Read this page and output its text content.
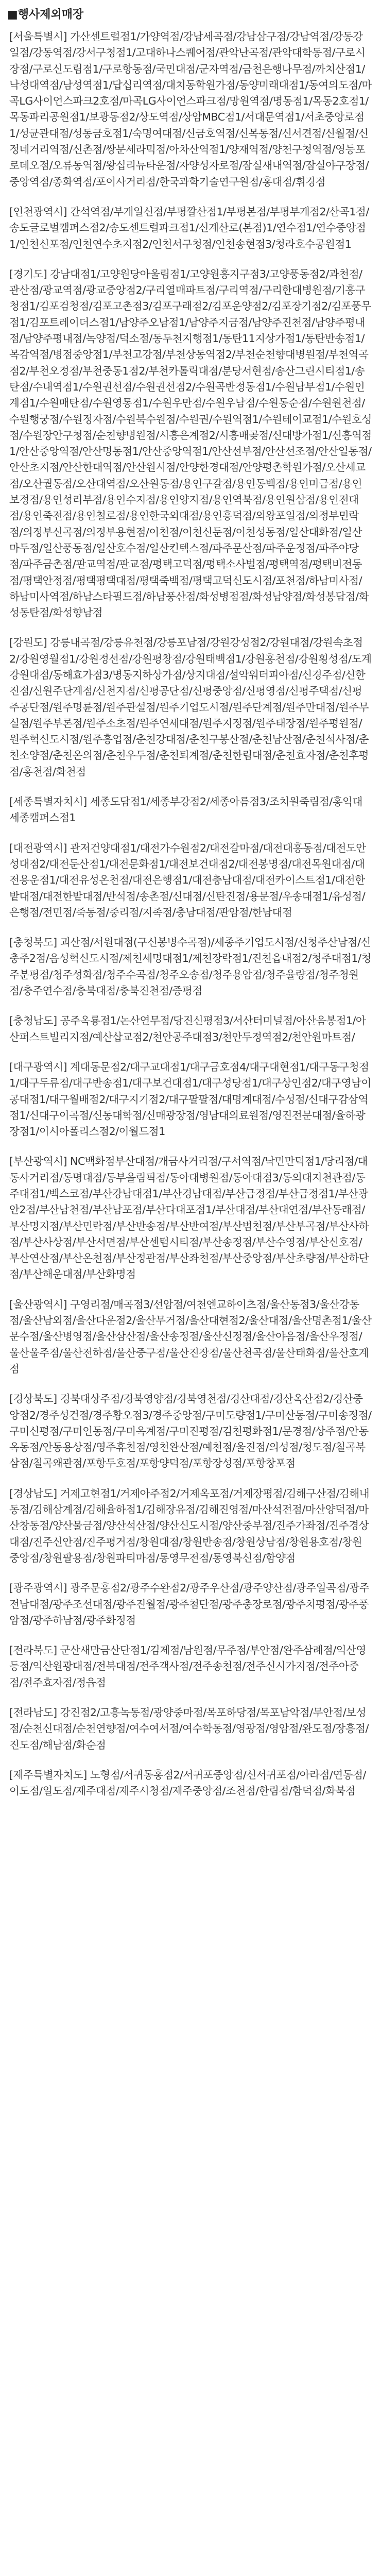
■행사제외매장
[서울특별시] 가산센트럴점1/가양역점/강남세곡점/강남삼구점/강남역점/강동강일점/강동역점/강서구청점1/고대하나스퀘어점/관악난곡점/관악대학동점/구로시장점/구로신도림점1/구로항동점/국민대점/군자역점/금천은행나무점/까치산점1/낙성대역점/남성역점1/답십리역점/대치동학원가점/동양미래대점1/동여의도점/마곡LG사이언스파크2호점/마곡LG사이언스파크점/망원역점/명동점1/목동2호점1/목동파리공원점1/보광동점2/상도역점/상암MBC점1/서대문역점1/서초중앙로점1/성균관대점/성동금호점1/숙명여대점/신금호역점/신목동점/신서견점/신월점/신정네거리역점/신촌점/쌍문세라믹점/아차산역점1/양재역점/양천구청역점/영등포로데오점/오류동역점/왕십리뉴타운점/자양성자로점/잠실새내역점/잠실야구장점/중앙역점/종화역점/포이사거리점/한국과학기술연구원점/홍대점/휘경점
[인천광역시] 간석역점/부개일신점/부평깔산점1/부평본점/부평부개점2/산곡1점/송도글로벌캠퍼스점2/송도센트럴파크점1/신계산로(본점)1/연수점1/연수중앙점1/인천신포점/인천연수초지점2/인천서구청점/인천송현점3/청라호수공원점1
[경기도] 강남대점1/고양원당아울림점1/고양원흥지구점3/고양풍동점2/과천점/관산점/광교역점/광교중앙점2/구리열매파트점/구리역점/구리한대병원점/기흥구청점1/김포검청점/김포고촌점3/김포구래점2/김포운양점2/김포장기점2/김포풍무점1/김포트레이더스점1/남양주오남점1/남양주지금점/남양주진천점/남양주평내점/남양주평내점/녹양점/덕소점/동두천지행점1/동탄11지상가점1/동탄반송점1/목감역점/병점중앙점1/부천고강점/부천상동역점2/부천순천향대병원점/부천역곡점2/부천오정점/부천중동1점2/부천카톨릭대점/분당서현점/송산그린시티점1/송탄점/수내역점1/수원권선점/수원권선점2/수원곡반정동점1/수원남부점1/수원인계점1/수원매탄점/수원영통점1/수원우만점/수원우남점/수원동순점/수원원천점/수원행궁점/수원정자점/수원북수원점/수원권/수원역점1/수원테이교점1/수원호성점/수원장안구청점/순천향병원점/시흥은계점2/시흥배곶점/신대방가점1/신흥역점1/안산중앙역점/안산명동점1/안산중앙역점1/안산선부점/안산선조점/안산일동점/안산초지점/안산한대역점/안산원시점/안양한경대점/안양평촌학원가점/오산세교점/오산궐동점/오산대역점/오산원동점/용인구갈점/용인동백점/용인미금점/용인보정점/용인성리부점/용인수지점/용인양지점/용인역북점/용인원삼점/용인전대점/용인죽전점/용인철로점/용인한국외대점/용인흥덕점/의왕포일점/의정부민락점/의정부신곡점/의정부용현점/이천점/이천신둔점/이천성동점/일산대화점/일산마두점/일산풍동점/일산호수점/일산킨텍스점/파주문산점/파주운정점/파주야당점/파주금촌점/판교역점/판교점/평택고덕점/평택소사벌점/평택역점/평택비전동점/평택안정점/평택평택대점/평택죽백점/평택고덕신도시점/포천점/하남미사점/하남미사역점/하남스타필드점/하남풍산점/화성병점점/화성남양점/화성봉담점/화성동탄점/화성향남점
[강원도] 강릉내곡점/강릉유천점/강릉포남점/강원강성점2/강원대점/강원속초점2/강원영월점1/강원정선점/강원평창점/강원태백점1/강원홍천점/강원횡성점/도계강원대점/동해효가점3/명동지하상가점/상지대점/설악워터피아점/신경주점/신한진점/신원주단계점/신천지점/신평공단점/신평중앙점/신평영점/신평주택점/신평주공단점/원주명륜점/원주관설점/원주기업도시점/원주단계점/원주만대점/원주무실점/원주부론점/원주소초점/원주연세대점/원주지정점/원주태장점/원주평원점/원주혁신도시점/원주흥업점/춘천강대점/춘천구봉산점/춘천남산점/춘천석사점/춘천소양점/춘천온의점/춘천우두점/춘천퇴계점/춘천한림대점/춘천효자점/춘천후평점/홍천점/화천점
[세종특별자치시] 세종도담점1/세종부강점2/세종아름점3/조치원죽림점/홍익대세종캠퍼스점1
[대전광역시] 관저건양대점1/대전가수원점2/대전갈마점/대전대흥동점/대전도안성대점2/대전둔산점1/대전문화점1/대전보건대점2/대전봉명점/대전목원대점/대전용운점1/대전유성온천점/대전은행점1/대전충남대점/대전카이스트점1/대전한밭대점/대전한밭대점/반석점/송촌점/신대점/신탄진점/용문점/우송대점1/유성점/은행점/전민점/죽동점/중리점/지족점/충남대점/판암점/한남대점
[충청북도] 괴산점/서원대점(구신봉병수곡점)/세종주기업도시점/신청주산남점/신충주2점/음성혁신도시점/제천세명대점1/제천장락점1/진천읍내점2/청주대점1/청주분평점/청주성화점/청주수곡점/청주오송점/청주용암점/청주율량점/청주청원점/충주연수점/충북대점/충북진천점/증평점
[충청남도] 공주옥룡점1/논산연무점/당진신평점3/서산터미널점/아산음봉점1/아산퍼스트빌리지점/예산삽교점2/천안공주대점3/천안두정역점2/천안원마트점/
[대구광역시] 계대동문점2/대구교대점1/대구금호점4/대구대현점1/대구동구청점1/대구두류점/대구반송점1/대구보건대점1/대구성당점1/대구상인점2/대구영남이공대점1/대구월배점2/대구지기점2/대구팔팔점/대명계대점/수성점/신대구감삼역점1/신대구이곡점/신동대학점/신매광장점/영남대의료원점/영진전문대점/율하광장점1/이시아폴리스점2/이월드점1
[부산광역시] NC백화점부산대점/개금사거리점/구서역점/낙민만덕점1/당리점/대동사거리점/동명대점/동부올림픽점/동아대병원점/동아대점3/동의대지천관점/동주대점1/벡스코점/부산강남대점1/부산경남대점/부산금정점/부산금정점1/부산광안2점/부산남천점/부산남포점/부산다대포점1/부산대점/부산대연점/부산동래점/부산명지점/부산민락점/부산반송점/부산반여점/부산범천점/부산부곡점/부산사하점/부산사상점/부산서면점/부산센텀시티점/부산송정점/부산수영점/부산신호점/부산연산점/부산온천점/부산정관점/부산좌천점/부산중앙점/부산초량점/부산하단점/부산해운대점/부산화명점
[울산광역시] 구영리점/매곡점3/선암점/여천엔교하이츠점/울산동점3/울산강동점/울산남외점/울산다운점2/울산무거점/울산대현점2/울산대점/울산명촌점1/울산문수점/울산병영점/울산삼산점/울산송정점/울산신정점/울산야음점/울산우정점/울산울주점/울산전하점/울산중구점/울산진장점/울산천곡점/울산태화점/울산호계점
[경상북도] 경북대상주점/경북영양점/경북영천점/경산대점/경산옥산점2/경산중앙점2/경주성건점/경주황오점3/경주중앙점/구미도량점1/구미산동점/구미송정점/구미신평점/구미인동점/구미옥계점/구미진평점/김천평화점1/문경점/상주점/안동옥동점/안동용상점/영주휴천점/영천완산점/예천점/울진점/의성점/청도점/칠곡북삼점/칠곡왜관점/포항두호점/포항양덕점/포항장성점/포항창포점
[경상남도] 거제고현점1/거제아주점2/거제옥포점/거제장평점/김해구산점/김해내동점/김해삼계점/김해율하점1/김해장유점/김해진영점/마산석전점/마산양덕점/마산창동점/양산물금점/양산석산점/양산신도시점/양산중부점/진주가좌점/진주경상대점/진주신안점/진주평거점/창원대점/창원반송점/창원상남점/창원용호점/창원중앙점/창원팔용점/창원파티마점/통영무전점/통영북신점/함양점
[광주광역시] 광주문흥점2/광주수완점2/광주우산점/광주양산점/광주일곡점/광주전남대점/광주조선대점/광주진월점/광주첨단점/광주충장로점/광주치평점/광주풍암점/광주하남점/광주화정점
[전라북도] 군산새만금산단점1/김제점/남원점/무주점/부안점/완주삼례점/익산영등점/익산원광대점/전북대점/전주객사점/전주송천점/전주신시가지점/전주아중점/전주효자점/정읍점
[전라남도] 강진점2/고흥녹동점/광양중마점/목포하당점/목포남악점/무안점/보성점/순천신대점/순천연향점/여수여서점/여수학동점/영광점/영암점/완도점/장흥점/진도점/해남점/화순점
[제주특별자치도] 노형점/서귀동홍점2/서귀포중앙점/신서귀포점/아라점/연동점/이도점/일도점/제주대점/제주시청점/제주중앙점/조천점/한림점/함덕점/화북점
